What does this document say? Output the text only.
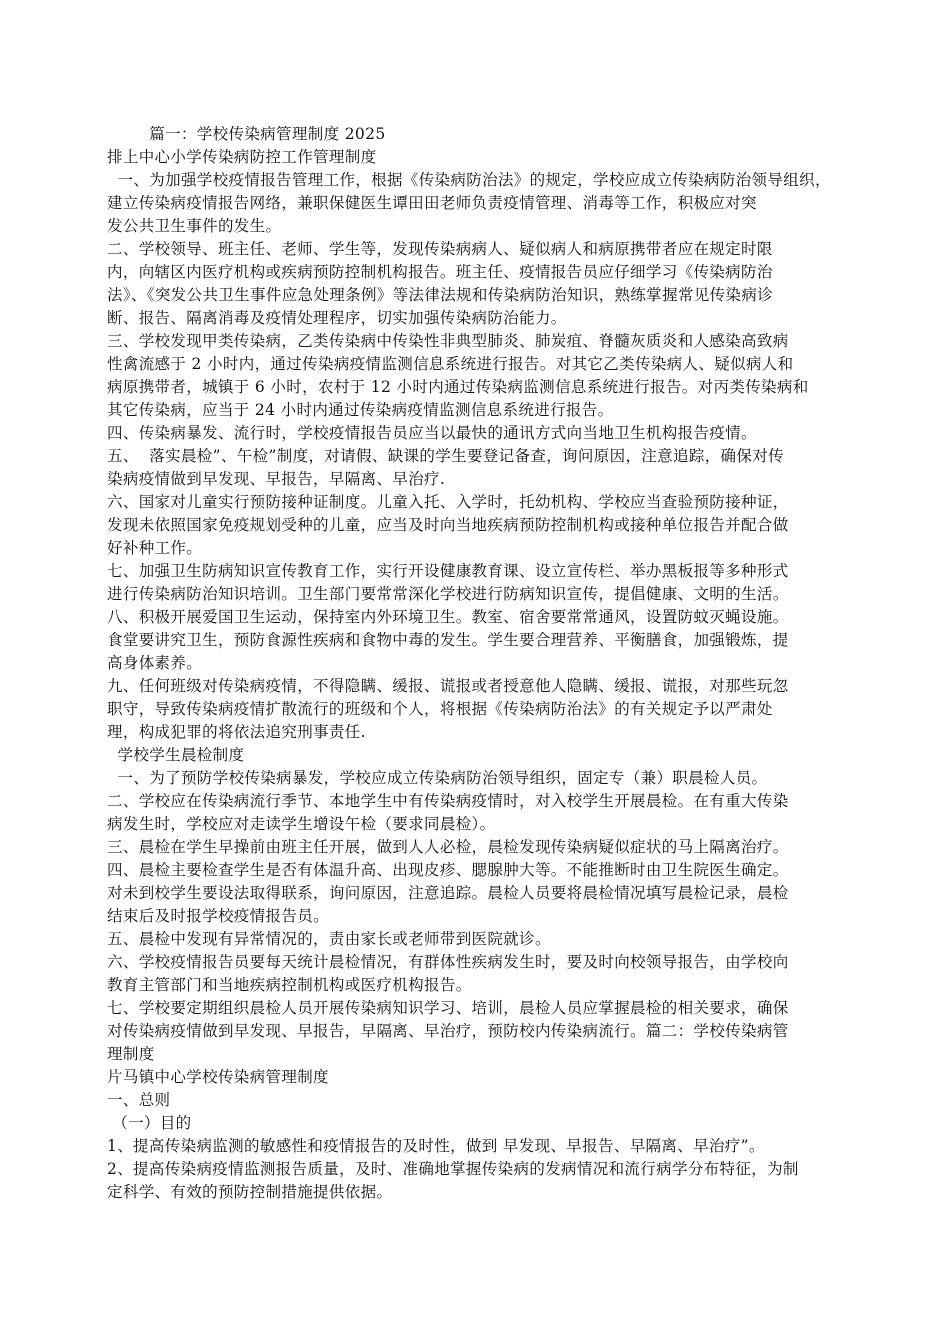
篇一：学校传染病管理制度 2025
排上中心小学传染病防控工作管理制度
一、为加强学校疫情报告管理工作，根据《传染病防治法》的规定，学校应成立传染病防治领导组织，
建立传染病疫情报告网络，兼职保健医生谭田田老师负责疫情管理、消毒等工作，积极应对突
发公共卫生事件的发生。
二、学校领导、班主任、老师、学生等，发现传染病病人、疑似病人和病原携带者应在规定时限
内，向辖区内医疗机构或疾病预防控制机构报告。班主任、疫情报告员应仔细学习《传染病防治
法》、《突发公共卫生事件应急处理条例》等法律法规和传染病防治知识，熟练掌握常见传染病诊
断、报告、隔离消毒及疫情处理程序，切实加强传染病防治能力。
三、学校发现甲类传染病，乙类传染病中传染性非典型肺炎、肺炭疽、脊髓灰质炎和人感染高致病
性禽流感于 2 小时内，通过传染病疫情监测信息系统进行报告。对其它乙类传染病人、疑似病人和
病原携带者，城镇于 6 小时，农村于 12 小时内通过传染病监测信息系统进行报告。对丙类传染病和
其它传染病，应当于 24 小时内通过传染病疫情监测信息系统进行报告。
四、传染病暴发、流行时，学校疫情报告员应当以最快的通讯方式向当地卫生机构报告疫情。
五、  落实晨检”、午检”制度，对请假、缺课的学生要登记备查，询问原因，注意追踪，确保对传
染病疫情做到早发现、早报告，早隔离、早治疗.
六、国家对儿童实行预防接种证制度。儿童入托、入学时，托幼机构、学校应当查验预防接种证，
发现未依照国家免疫规划受种的儿童，应当及时向当地疾病预防控制机构或接种单位报告并配合做
好补种工作。
七、加强卫生防病知识宣传教育工作，实行开设健康教育课、设立宣传栏、举办黑板报等多种形式
进行传染病防治知识培训。卫生部门要常常深化学校进行防病知识宣传，提倡健康、文明的生活。
八、积极开展爱国卫生运动，保持室内外环境卫生。教室、宿舍要常常通风，设置防蚊灭蝇设施。
食堂要讲究卫生，预防食源性疾病和食物中毒的发生。学生要合理营养、平衡膳食，加强锻炼，提
高身体素养。
九、任何班级对传染病疫情，不得隐瞒、缓报、谎报或者授意他人隐瞒、缓报、谎报，对那些玩忽
职守，导致传染病疫情扩散流行的班级和个人，将根据《传染病防治法》的有关规定予以严肃处
理，构成犯罪的将依法追究刑事责任.
学校学生晨检制度
一、为了预防学校传染病暴发，学校应成立传染病防治领导组织，固定专（兼）职晨检人员。
二、学校应在传染病流行季节、本地学生中有传染病疫情时，对入校学生开展晨检。在有重大传染
病发生时，学校应对走读学生增设午检（要求同晨检）。
三、晨检在学生早操前由班主任开展，做到人人必检，晨检发现传染病疑似症状的马上隔离治疗。
四、晨检主要检查学生是否有体温升高、出现皮疹、腮腺肿大等。不能推断时由卫生院医生确定。
对未到校学生要设法取得联系，询问原因，注意追踪。晨检人员要将晨检情况填写晨检记录，晨检
结束后及时报学校疫情报告员。
五、晨检中发现有异常情况的，责由家长或老师带到医院就诊。
六、学校疫情报告员要每天统计晨检情况，有群体性疾病发生时，要及时向校领导报告，由学校向
教育主管部门和当地疾病控制机构或医疗机构报告。
七、学校要定期组织晨检人员开展传染病知识学习、培训，晨检人员应掌握晨检的相关要求，确保
对传染病疫情做到早发现、早报告，早隔离、早治疗，预防校内传染病流行。篇二：学校传染病管
理制度
片马镇中心学校传染病管理制度
一、总则
（一）目的
1、提高传染病监测的敏感性和疫情报告的及时性，做到 早发现、早报告、早隔离、早治疗”。
2、提高传染病疫情监测报告质量，及时、准确地掌握传染病的发病情况和流行病学分布特征，为制
定科学、有效的预防控制措施提供依据。
